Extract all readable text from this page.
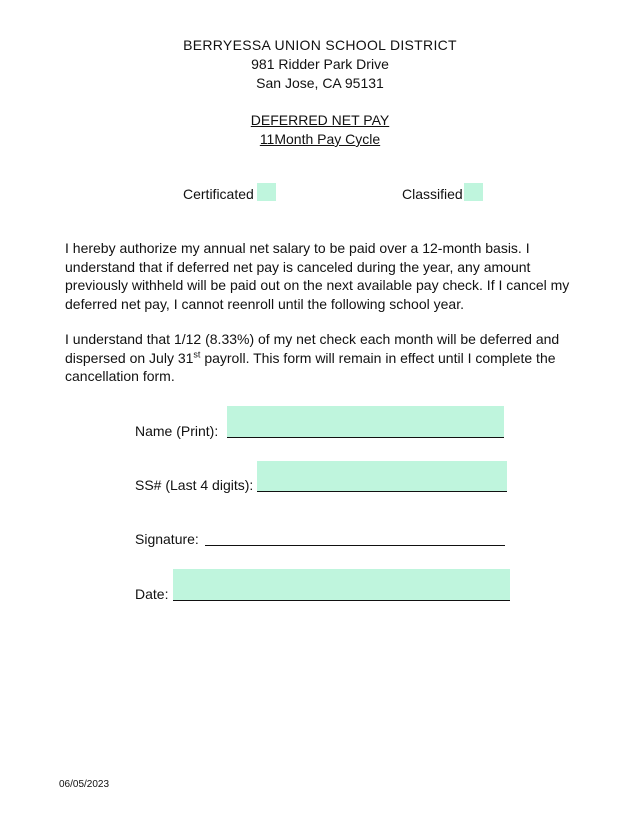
BERRYESSA UNION SCHOOL DISTRICT
981 Ridder Park Drive
San Jose, CA 95131
DEFERRED NET PAY
11Month Pay Cycle
Certificated	Classified
I hereby authorize my annual net salary to be paid over a 12-month basis. I understand that if deferred net pay is canceled during the year, any amount previously withheld will be paid out on the next available pay check. If I cancel my deferred net pay, I cannot reenroll until the following school year.
I understand that 1/12 (8.33%) of my net check each month will be deferred and dispersed on July 31st payroll. This form will remain in effect until I complete the cancellation form.
Name (Print):
SS# (Last 4 digits):
Signature:
Date:
06/05/2023
